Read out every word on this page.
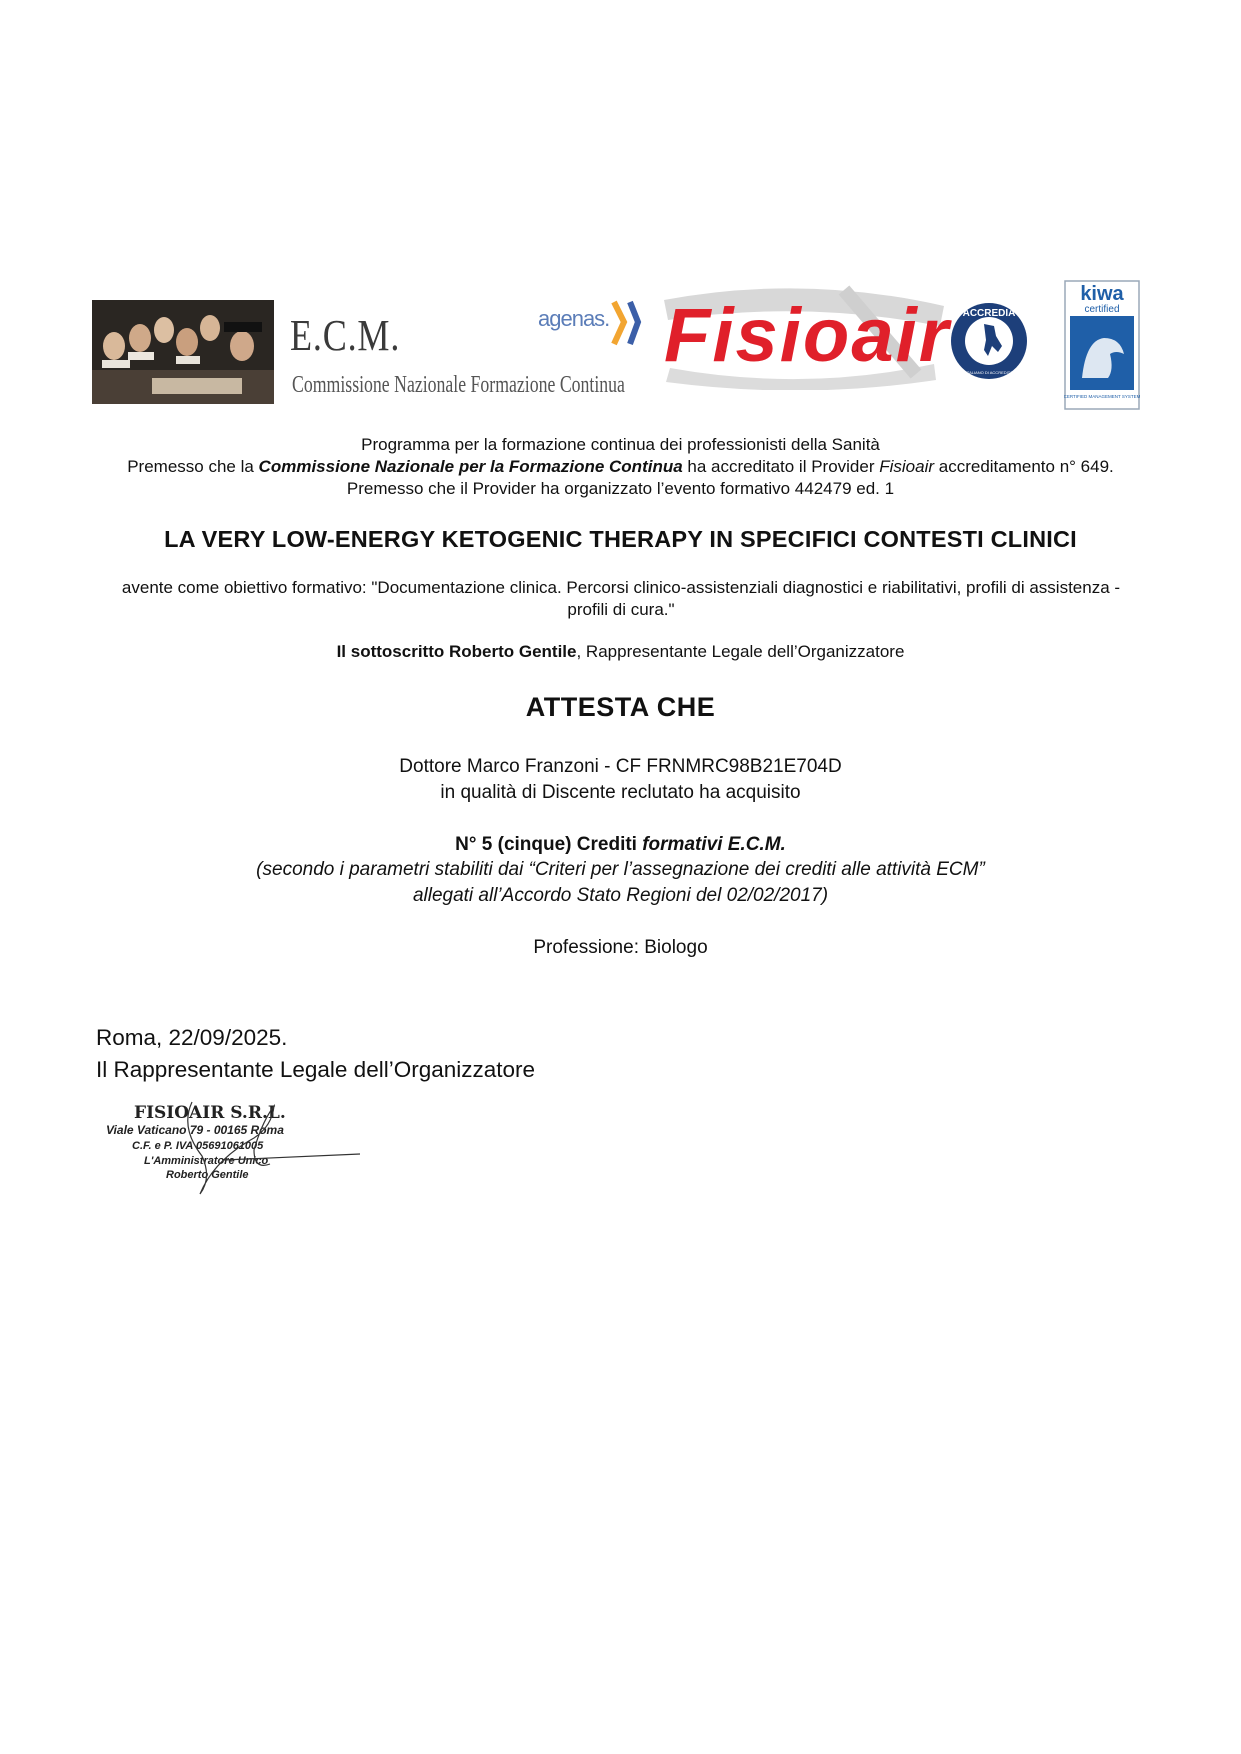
E.C.M.
Commissione Nazionale Formazione Continua
agenas. Fisioair ACCREDIA
L'ENTE ITALIANO DI ACCREDITAMENTO
kiwa
certified
CERTIFIED MANAGEMENT SYSTEM
Programma per la formazione continua dei professionisti della Sanità
Premesso che la Commissione Nazionale per la Formazione Continua ha accreditato il Provider Fisioair accreditamento n° 649.
Premesso che il Provider ha organizzato l’evento formativo 442479 ed. 1
LA VERY LOW-ENERGY KETOGENIC THERAPY IN SPECIFICI CONTESTI CLINICI
avente come obiettivo formativo: "Documentazione clinica. Percorsi clinico-assistenziali diagnostici e riabilitativi, profili di assistenza -
profili di cura."
Il sottoscritto Roberto Gentile, Rappresentante Legale dell’Organizzatore
ATTESTA CHE
Dottore Marco Franzoni - CF FRNMRC98B21E704D
in qualità di Discente reclutato ha acquisito
N° 5 (cinque) Crediti formativi E.C.M.
(secondo i parametri stabiliti dai “Criteri per l’assegnazione dei crediti alle attività ECM”
allegati all’Accordo Stato Regioni del 02/02/2017)
Professione: Biologo
Roma, 22/09/2025.
Il Rappresentante Legale dell’Organizzatore
FISIOAIR S.R.L.
Viale Vaticano 79 - 00165 Roma
C.F. e P. IVA 05691061005
L'Amministratore Unico
Roberto Gentile
